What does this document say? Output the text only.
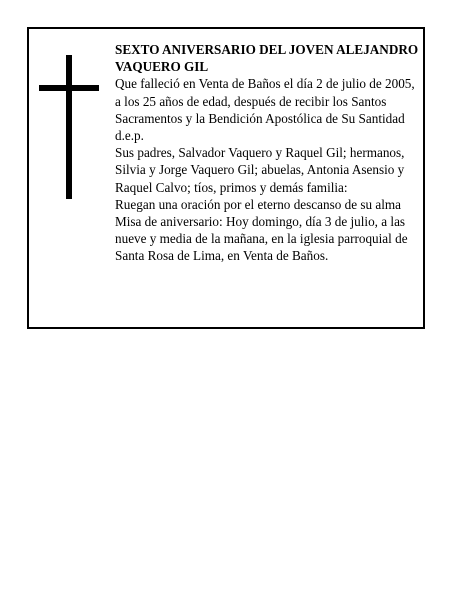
SEXTO ANIVERSARIO DEL JOVEN ALEJANDRO VAQUERO GIL

Que falleció en Venta de Baños el día 2 de julio de 2005, a los 25 años de edad, después de recibir los Santos Sacramentos y la Bendición Apostólica de Su Santidad

d.e.p.

Sus padres, Salvador Vaquero y Raquel Gil; hermanos, Silvia y Jorge Vaquero Gil; abuelas, Antonia Asensio y Raquel Calvo; tíos, primos y demás familia:

Ruegan una oración por el eterno descanso de su alma

Misa de aniversario: Hoy domingo, día 3 de julio, a las nueve y media de la mañana, en la iglesia parroquial de Santa Rosa de Lima, en Venta de Baños.
